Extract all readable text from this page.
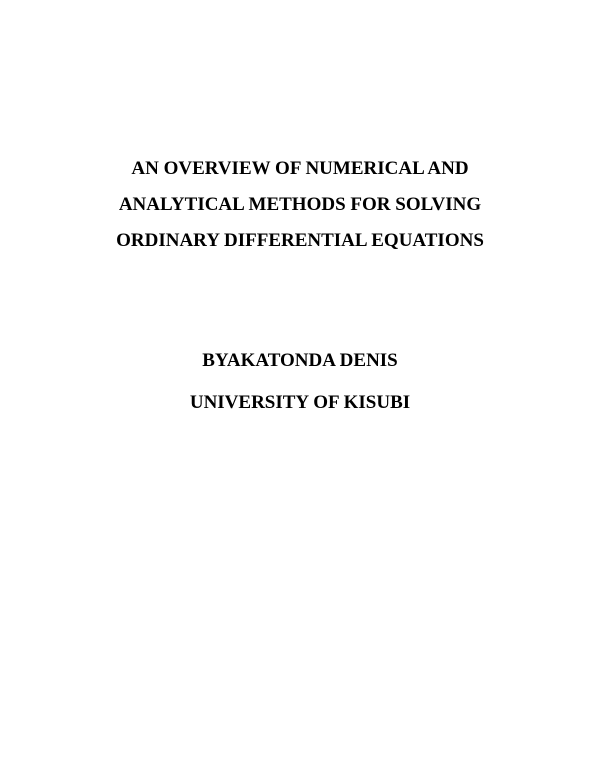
AN OVERVIEW OF NUMERICAL AND
ANALYTICAL METHODS FOR SOLVING
ORDINARY DIFFERENTIAL EQUATIONS
BYAKATONDA DENIS
UNIVERSITY OF KISUBI
